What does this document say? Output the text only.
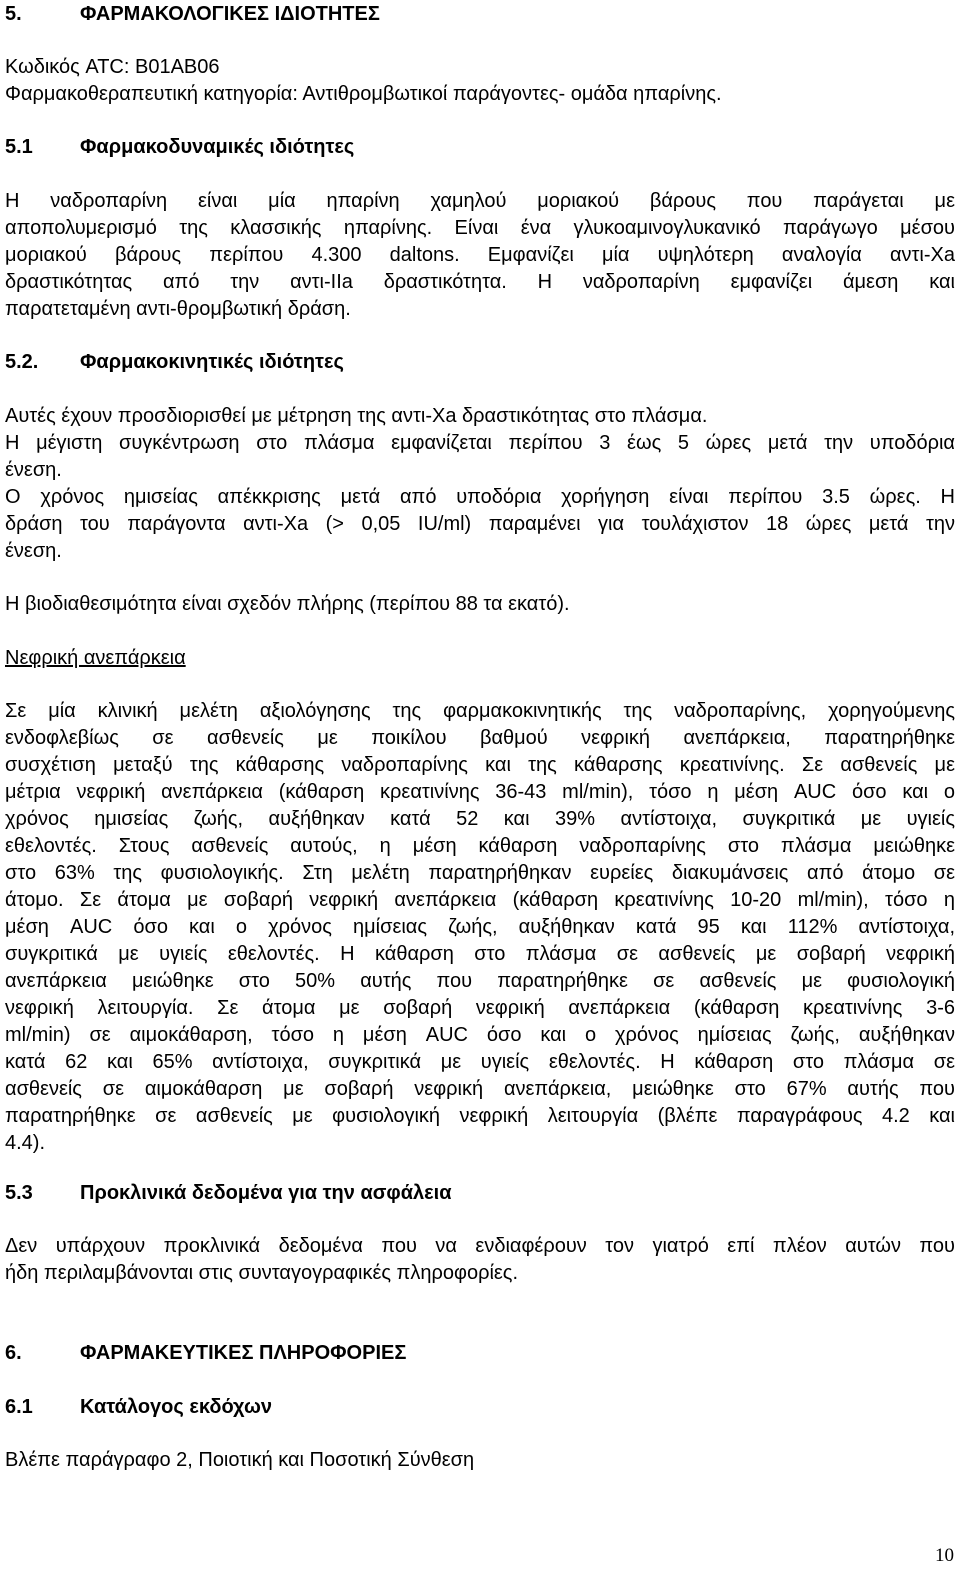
5.	ΦΑΡΜΑΚΟΛΟΓΙΚΕΣ ΙΔΙΟΤΗΤΕΣ
Κωδικός ATC: B01AB06
Φαρμακοθεραπευτική κατηγορία: Αντιθρομβωτικοί παράγοντες- ομάδα ηπαρίνης.
5.1 Φαρμακοδυναμικές ιδιότητες
Η ναδροπαρίνη είναι μία ηπαρίνη χαμηλού μοριακού βάρους που παράγεται με
αποπολυμερισμό της κλασσικής ηπαρίνης. Είναι ένα γλυκοαμινογλυκανικό παράγωγο μέσου
μοριακού βάρους περίπου 4.300 daltons. Εμφανίζει μία υψηλότερη αναλογία αντι-Xa
δραστικότητας από την αντι-IIa δραστικότητα. Η ναδροπαρίνη εμφανίζει άμεση και
παρατεταμένη αντι-θρομβωτική δράση.
5.2. Φαρμακοκινητικές ιδιότητες
Αυτές έχουν προσδιορισθεί με μέτρηση της αντι-Xa δραστικότητας στο πλάσμα.
Η μέγιστη συγκέντρωση στο πλάσμα εμφανίζεται περίπου 3 έως 5 ώρες μετά την υποδόρια
ένεση.
Ο χρόνος ημισείας απέκκρισης μετά από υποδόρια χορήγηση είναι περίπου 3.5 ώρες. Η
δράση του παράγοντα αντι-Xa (> 0,05 IU/ml) παραμένει για τουλάχιστον 18 ώρες μετά την
ένεση.
Η βιοδιαθεσιμότητα είναι σχεδόν πλήρης (περίπου 88 τα εκατό).
Νεφρική ανεπάρκεια
Σε μία κλινική μελέτη αξιολόγησης της φαρμακοκινητικής της ναδροπαρίνης, χορηγούμενης
ενδοφλεβίως σε ασθενείς με ποικίλου βαθμού νεφρική ανεπάρκεια, παρατηρήθηκε
συσχέτιση μεταξύ της κάθαρσης ναδροπαρίνης και της κάθαρσης κρεατινίνης. Σε ασθενείς με
μέτρια νεφρική ανεπάρκεια (κάθαρση κρεατινίνης 36-43 ml/min), τόσο η μέση AUC όσο και ο
χρόνος ημισείας ζωής, αυξήθηκαν κατά 52 και 39% αντίστοιχα, συγκριτικά με υγιείς
εθελοντές. Στους ασθενείς αυτούς, η μέση κάθαρση ναδροπαρίνης στο πλάσμα μειώθηκε
στο 63% της φυσιολογικής. Στη μελέτη παρατηρήθηκαν ευρείες διακυμάνσεις από άτομο σε
άτομο. Σε άτομα με σοβαρή νεφρική ανεπάρκεια (κάθαρση κρεατινίνης 10-20 ml/min), τόσο η
μέση AUC όσο και ο χρόνος ημίσειας ζωής, αυξήθηκαν κατά 95 και 112% αντίστοιχα,
συγκριτικά με υγιείς εθελοντές. Η κάθαρση στο πλάσμα σε ασθενείς με σοβαρή νεφρική
ανεπάρκεια μειώθηκε στο 50% αυτής που παρατηρήθηκε σε ασθενείς με φυσιολογική
νεφρική λειτουργία. Σε άτομα με σοβαρή νεφρική ανεπάρκεια (κάθαρση κρεατινίνης 3-6
ml/min) σε αιμοκάθαρση, τόσο η μέση AUC όσο και ο χρόνος ημίσειας ζωής, αυξήθηκαν
κατά 62 και 65% αντίστοιχα, συγκριτικά με υγιείς εθελοντές. Η κάθαρση στο πλάσμα σε
ασθενείς σε αιμοκάθαρση με σοβαρή νεφρική ανεπάρκεια, μειώθηκε στο 67% αυτής που
παρατηρήθηκε σε ασθενείς με φυσιολογική νεφρική λειτουργία (βλέπε παραγράφους 4.2 και
4.4).
5.3 Προκλινικά δεδομένα για την ασφάλεια
Δεν υπάρχουν προκλινικά δεδομένα που να ενδιαφέρουν τον γιατρό επί πλέον αυτών που
ήδη περιλαμβάνονται στις συνταγογραφικές πληροφορίες.
6.	ΦΑΡΜΑΚΕΥΤΙΚΕΣ ΠΛΗΡΟΦΟΡΙΕΣ
6.1 Κατάλογος εκδόχων
Βλέπε παράγραφο 2, Ποιοτική και Ποσοτική Σύνθεση
10
